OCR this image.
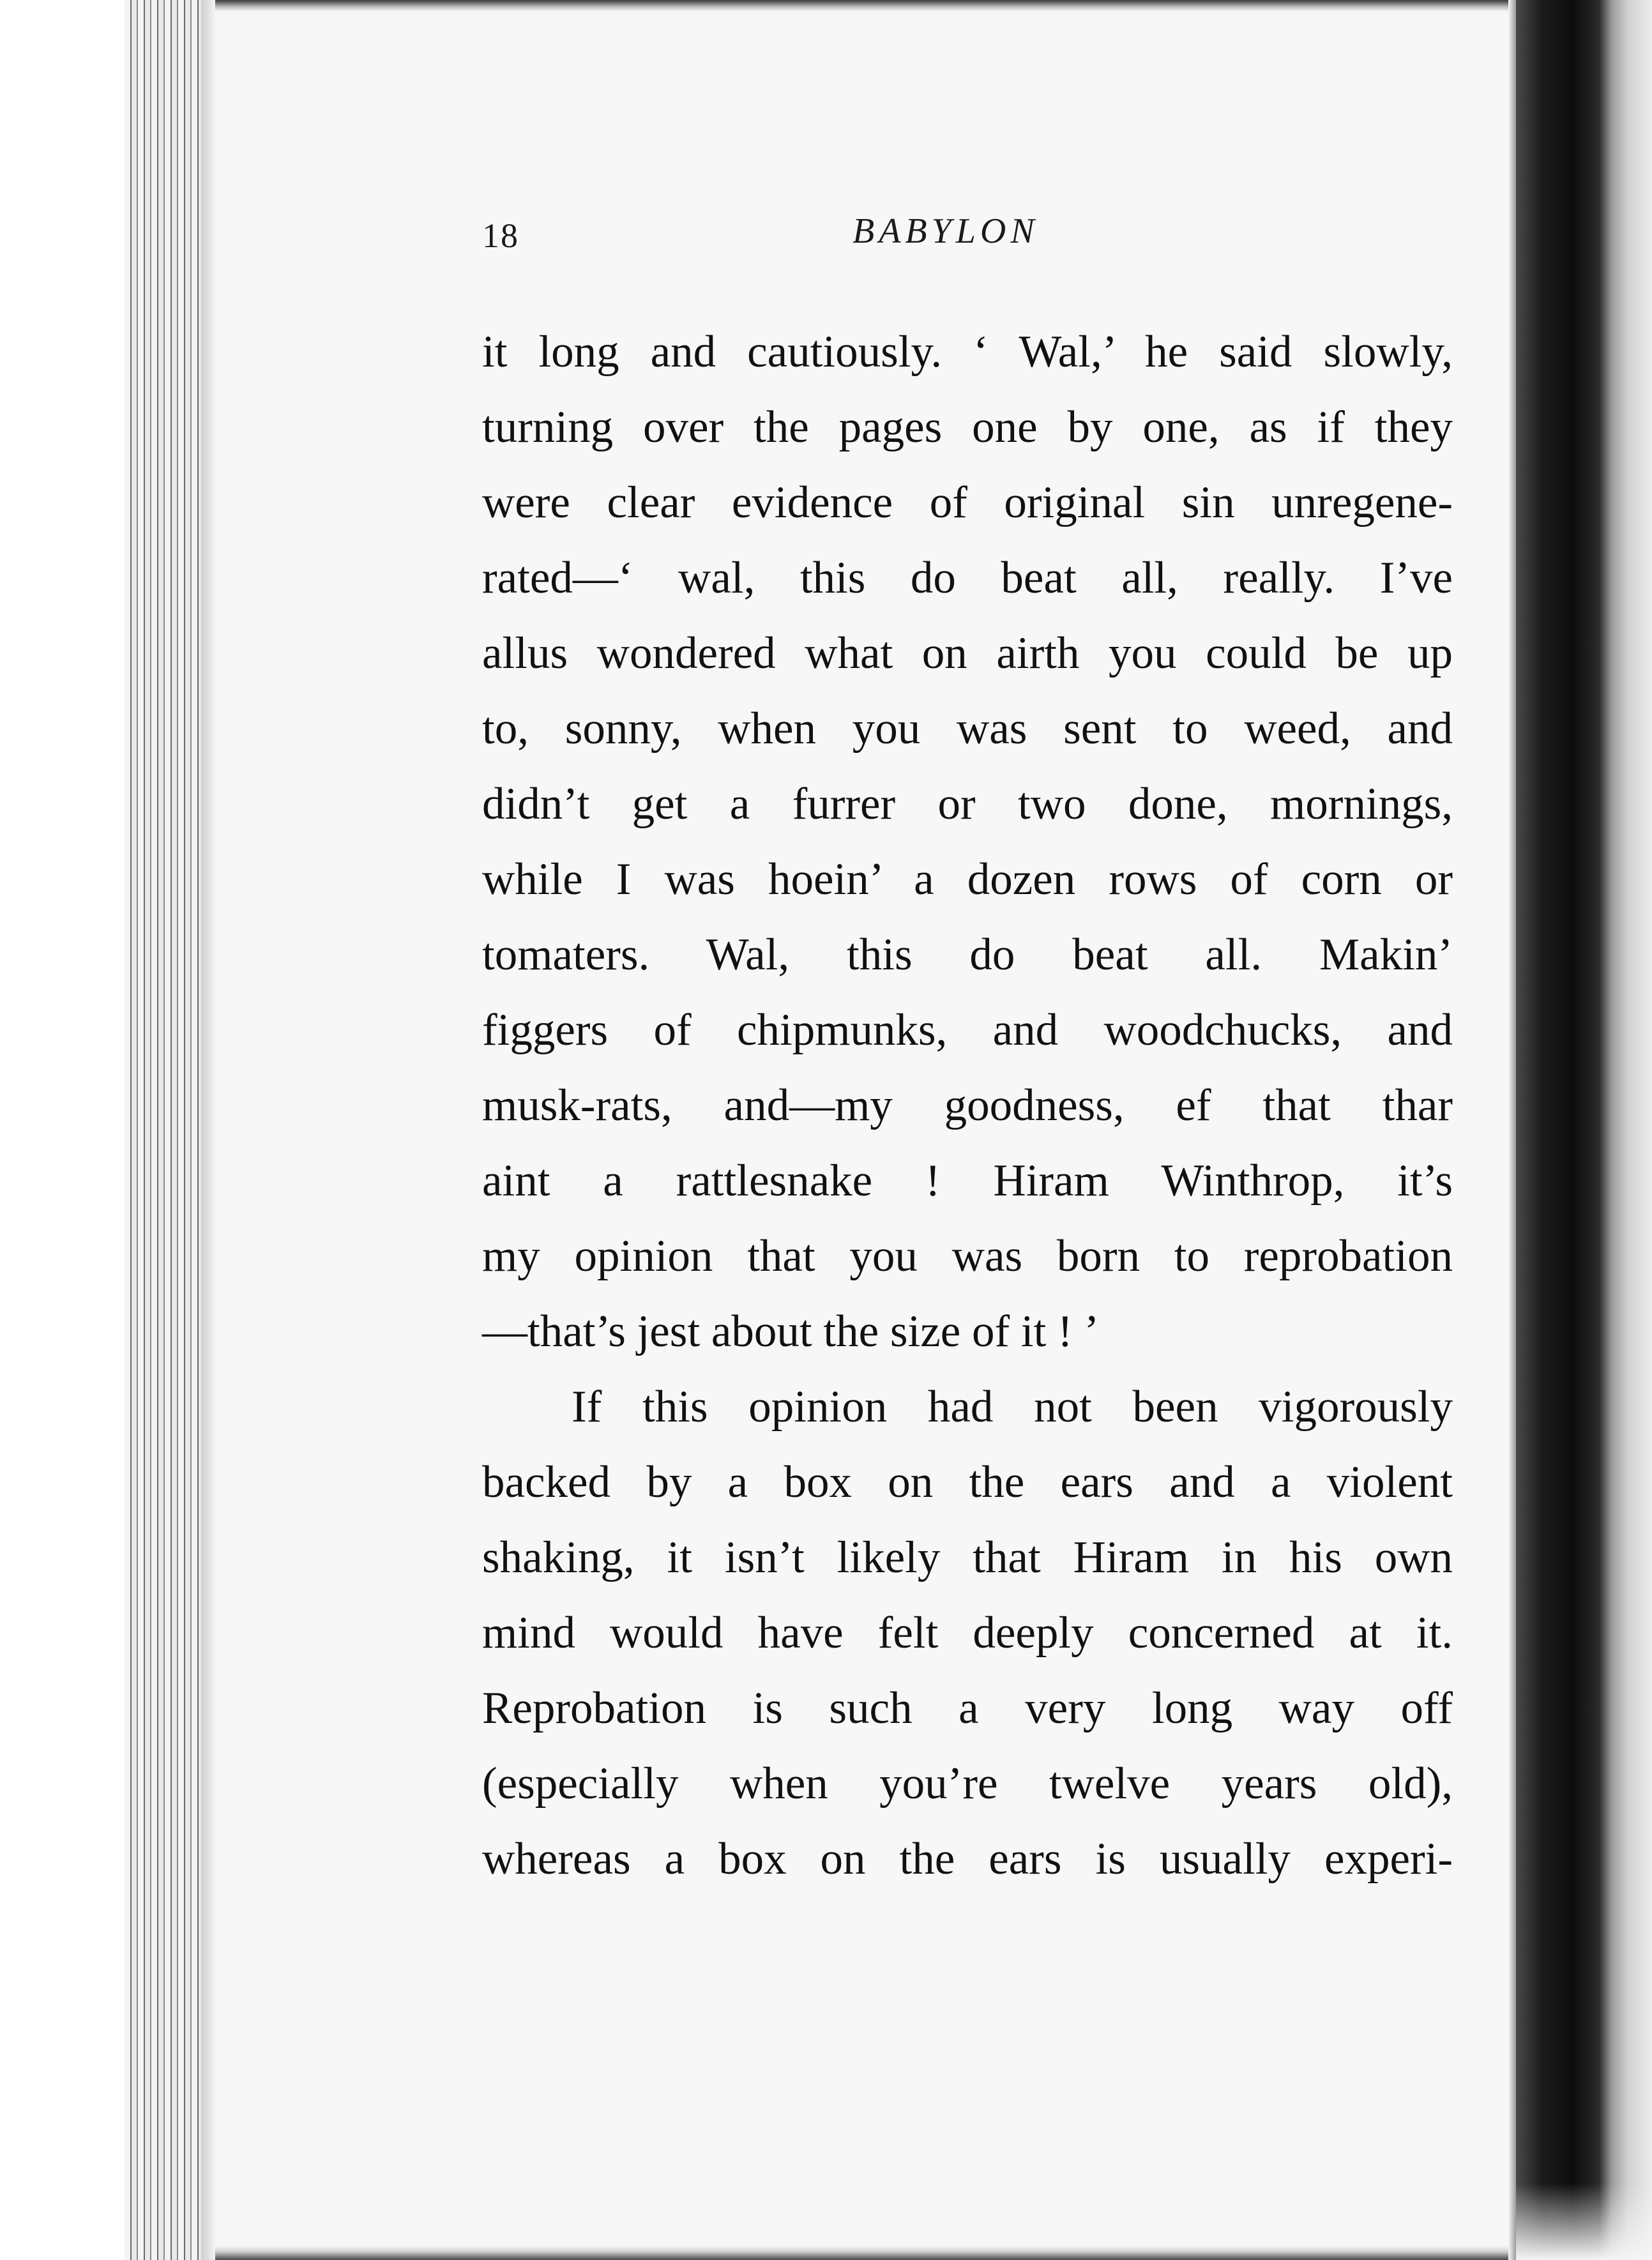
18	BABYLON
it long and cautiously. ‘ Wal,’ he said slowly,
turning over the pages one by one, as if they
were clear evidence of original sin unregene-
rated—‘ wal, this do beat all, really. I’ve
allus wondered what on airth you could be up
to, sonny, when you was sent to weed, and
didn’t get a furrer or two done, mornings,
while I was hoein’ a dozen rows of corn or
tomaters. Wal, this do beat all. Makin’
figgers of chipmunks, and woodchucks, and
musk-rats, and—my goodness, ef that thar
aint a rattlesnake ! Hiram Winthrop, it’s
my opinion that you was born to reprobation
—that’s jest about the size of it ! ’
If this opinion had not been vigorously
backed by a box on the ears and a violent
shaking, it isn’t likely that Hiram in his own
mind would have felt deeply concerned at it.
Reprobation is such a very long way off
(especially when you’re twelve years old),
whereas a box on the ears is usually experi-
